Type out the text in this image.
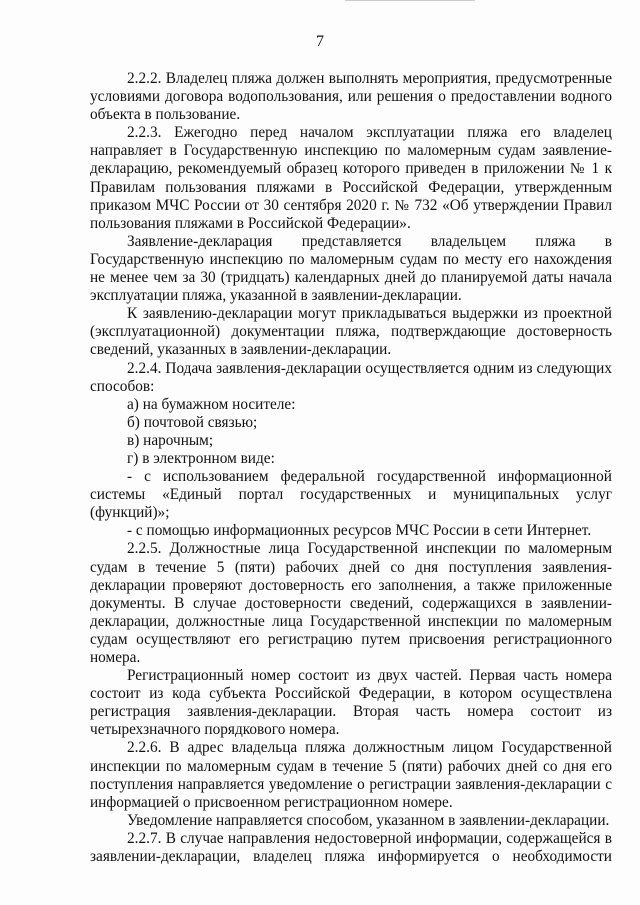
7

2.2.2. Владелец пляжа должен выполнять мероприятия, предусмотренные условиями договора водопользования, или решения о предоставлении водного объекта в пользование.

2.2.3. Ежегодно перед началом эксплуатации пляжа его владелец направляет в Государственную инспекцию по маломерным судам заявление-декларацию, рекомендуемый образец которого приведен в приложении № 1 к Правилам пользования пляжами в Российской Федерации, утвержденным приказом МЧС России от 30 сентября 2020 г. № 732 «Об утверждении Правил пользования пляжами в Российской Федерации».

Заявление-декларация представляется владельцем пляжа в Государственную инспекцию по маломерным судам по месту его нахождения не менее чем за 30 (тридцать) календарных дней до планируемой даты начала эксплуатации пляжа, указанной в заявлении-декларации.

К заявлению-декларации могут прикладываться выдержки из проектной (эксплуатационной) документации пляжа, подтверждающие достоверность сведений, указанных в заявлении-декларации.

2.2.4. Подача заявления-декларации осуществляется одним из следующих способов:

а) на бумажном носителе:

б) почтовой связью;

в) нарочным;

г) в электронном виде:

- с использованием федеральной государственной информационной системы «Единый портал государственных и муниципальных услуг (функций)»;

- с помощью информационных ресурсов МЧС России в сети Интернет.

2.2.5. Должностные лица Государственной инспекции по маломерным судам в течение 5 (пяти) рабочих дней со дня поступления заявления-декларации проверяют достоверность его заполнения, а также приложенные документы. В случае достоверности сведений, содержащихся в заявлении-декларации, должностные лица Государственной инспекции по маломерным судам осуществляют его регистрацию путем присвоения регистрационного номера.

Регистрационный номер состоит из двух частей. Первая часть номера состоит из кода субъекта Российской Федерации, в котором осуществлена регистрация заявления-декларации. Вторая часть номера состоит из четырехзначного порядкового номера.

2.2.6. В адрес владельца пляжа должностным лицом Государственной инспекции по маломерным судам в течение 5 (пяти) рабочих дней со дня его поступления направляется уведомление о регистрации заявления-декларации с информацией о присвоенном регистрационном номере.

Уведомление направляется способом, указанном в заявлении-декларации.

2.2.7. В случае направления недостоверной информации, содержащейся в заявлении-декларации, владелец пляжа информируется о необходимости
